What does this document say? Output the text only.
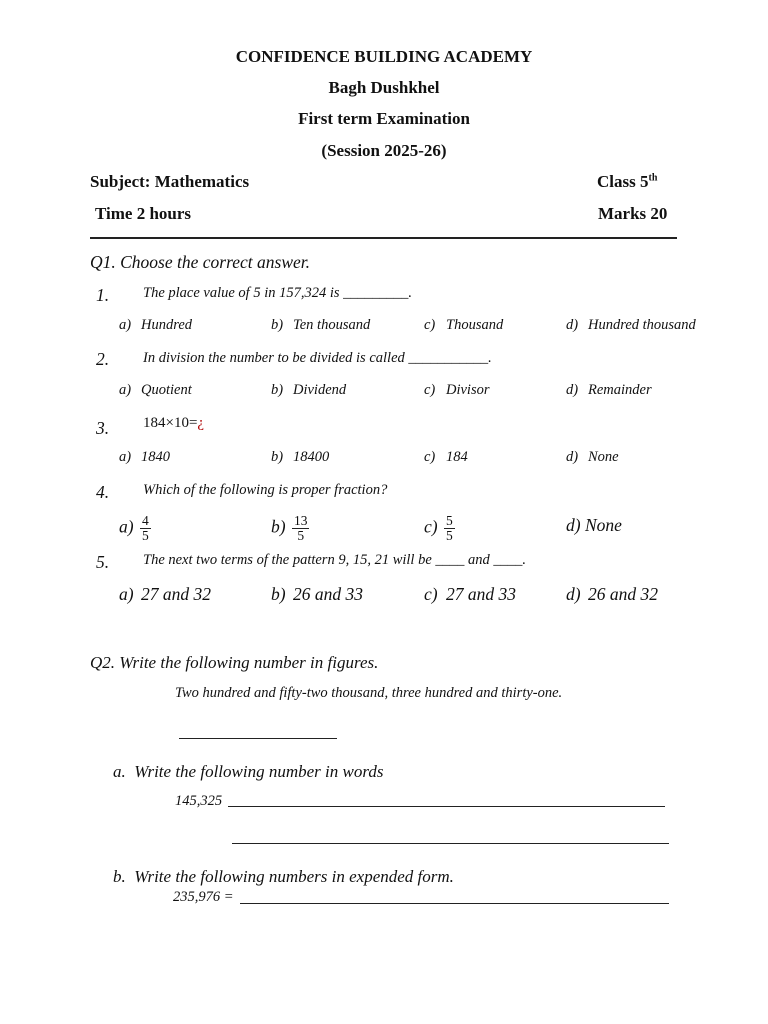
CONFIDENCE BUILDING ACADEMY
Bagh Dushkhel
First term Examination
(Session 2025-26)
Subject: Mathematics	Class 5th
Time 2 hours	Marks 20
Q1. Choose the correct answer.
1. The place value of 5 in 157,324 is _________.
a) Hundred	b) Ten thousand	c) Thousand	d) Hundred thousand
2. In division the number to be divided is called ___________.
a) Quotient	b) Dividend	c) Divisor	d) Remainder
3. 184×10=¿
a) 1840	b) 18400	c) 184	d) None
4. Which of the following is proper fraction?
$a) \frac{4}{5}$	$b) \frac{13}{5}$	$c) \frac{5}{5}$	d) None
5. The next two terms of the pattern 9, 15, 21 will be ____ and ____.
a) 27 and 32	b) 26 and 33	c) 27 and 33	d) 26 and 32
Q2. Write the following number in figures.
Two hundred and fifty-two thousand, three hundred and thirty-one.
a. Write the following number in words
145,325
b. Write the following numbers in expended form.
235,976 =
